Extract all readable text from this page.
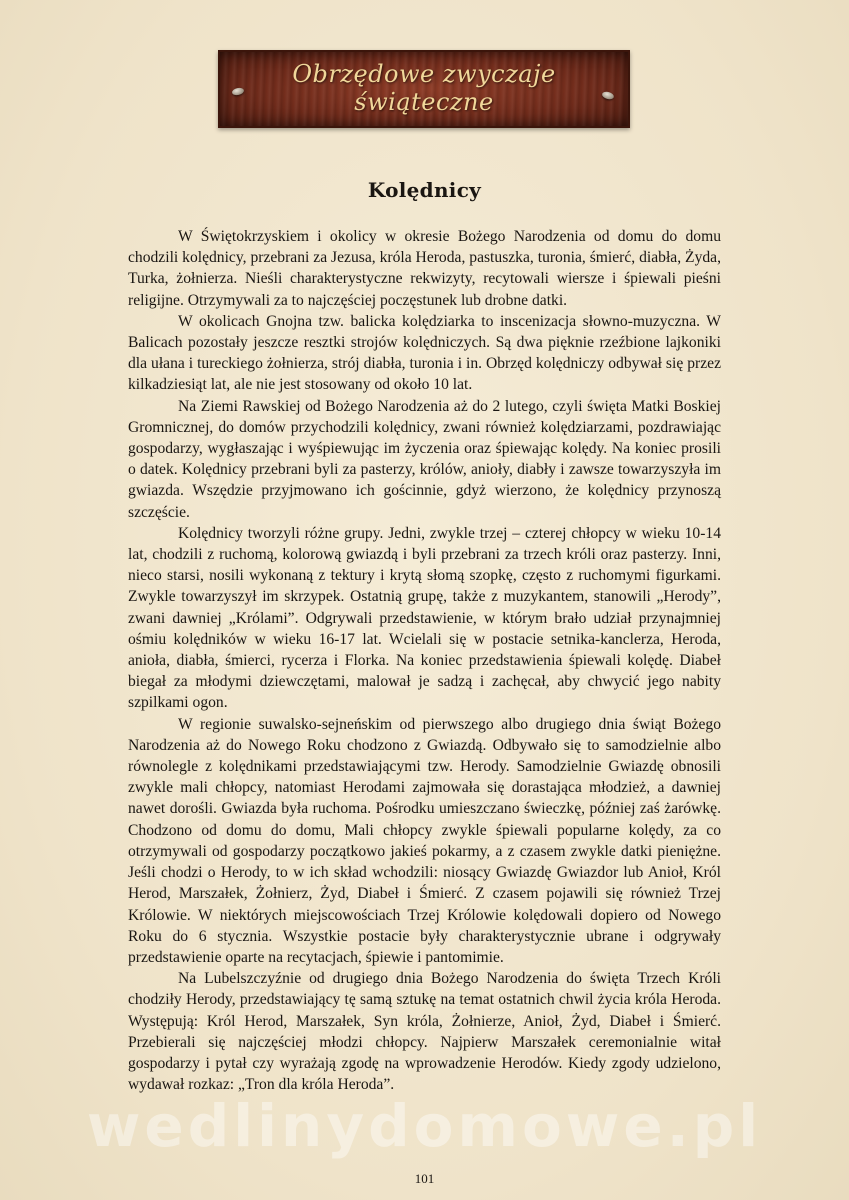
Obrzędowe zwyczaje
świąteczne
Kolędnicy

W Świętokrzyskiem i okolicy w okresie Bożego Narodzenia od domu do domu chodzili kolędnicy, przebrani za Jezusa, króla Heroda, pastuszka, turonia, śmierć, diabła, Żyda, Turka, żołnierza. Nieśli charakterystyczne rekwizyty, recytowali wiersze i śpiewali pieśni religijne. Otrzymywali za to najczęściej poczęstunek lub drobne datki.

W okolicach Gnojna tzw. balicka kolędziarka to inscenizacja słowno-muzyczna. W Balicach pozostały jeszcze resztki strojów kolędniczych. Są dwa pięknie rzeźbione lajkoniki dla ułana i tureckiego żołnierza, strój diabła, turonia i in. Obrzęd kolędniczy odbywał się przez kilkadziesiąt lat, ale nie jest stosowany od około 10 lat.

Na Ziemi Rawskiej od Bożego Narodzenia aż do 2 lutego, czyli święta Matki Boskiej Gromnicznej, do domów przychodzili kolędnicy, zwani również kolędziarzami, pozdrawiając gospodarzy, wygłaszając i wyśpiewując im życzenia oraz śpiewając kolędy. Na koniec prosili o datek. Kolędnicy przebrani byli za pasterzy, królów, anioły, diabły i zawsze towarzyszyła im gwiazda. Wszędzie przyjmowano ich gościnnie, gdyż wierzono, że kolędnicy przynoszą szczęście.

Kolędnicy tworzyli różne grupy. Jedni, zwykle trzej – czterej chłopcy w wieku 10-14 lat, chodzili z ruchomą, kolorową gwiazdą i byli przebrani za trzech króli oraz pasterzy. Inni, nieco starsi, nosili wykonaną z tektury i krytą słomą szopkę, często z ruchomymi figurkami. Zwykle towarzyszył im skrzypek. Ostatnią grupę, także z muzykantem, stanowili „Herody”, zwani dawniej „Królami”. Odgrywali przedstawienie, w którym brało udział przynajmniej ośmiu kolędników w wieku 16-17 lat. Wcielali się w postacie setnika-kanclerza, Heroda, anioła, diabła, śmierci, rycerza i Florka. Na koniec przedstawienia śpiewali kolędę. Diabeł biegał za młodymi dziewczętami, malował je sadzą i zachęcał, aby chwycić jego nabity szpilkami ogon.

W regionie suwalsko-sejneńskim od pierwszego albo drugiego dnia świąt Bożego Narodzenia aż do Nowego Roku chodzono z Gwiazdą. Odbywało się to samodzielnie albo równolegle z kolędnikami przedstawiającymi tzw. Herody. Samodzielnie Gwiazdę obnosili zwykle mali chłopcy, natomiast Herodami zajmowała się dorastająca młodzież, a dawniej nawet dorośli. Gwiazda była ruchoma. Pośrodku umieszczano świeczkę, później zaś żarówkę. Chodzono od domu do domu, Mali chłopcy zwykle śpiewali popularne kolędy, za co otrzymywali od gospodarzy początkowo jakieś pokarmy, a z czasem zwykle datki pieniężne. Jeśli chodzi o Herody, to w ich skład wchodzili: niosący Gwiazdę Gwiazdor lub Anioł, Król Herod, Marszałek, Żołnierz, Żyd, Diabeł i Śmierć. Z czasem pojawili się również Trzej Królowie. W niektórych miejscowościach Trzej Królowie kolędowali dopiero od Nowego Roku do 6 stycznia. Wszystkie postacie były charakterystycznie ubrane i odgrywały przedstawienie oparte na recytacjach, śpiewie i pantomimie.

Na Lubelszczyźnie od drugiego dnia Bożego Narodzenia do święta Trzech Króli chodziły Herody, przedstawiający tę samą sztukę na temat ostatnich chwil życia króla Heroda. Występują: Król Herod, Marszałek, Syn króla, Żołnierze, Anioł, Żyd, Diabeł i Śmierć. Przebierali się najczęściej młodzi chłopcy. Najpierw Marszałek ceremonialnie witał gospodarzy i pytał czy wyrażają zgodę na wprowadzenie Herodów. Kiedy zgody udzielono, wydawał rozkaz: „Tron dla króla Heroda”.

wedlinydomowe.pl
101
